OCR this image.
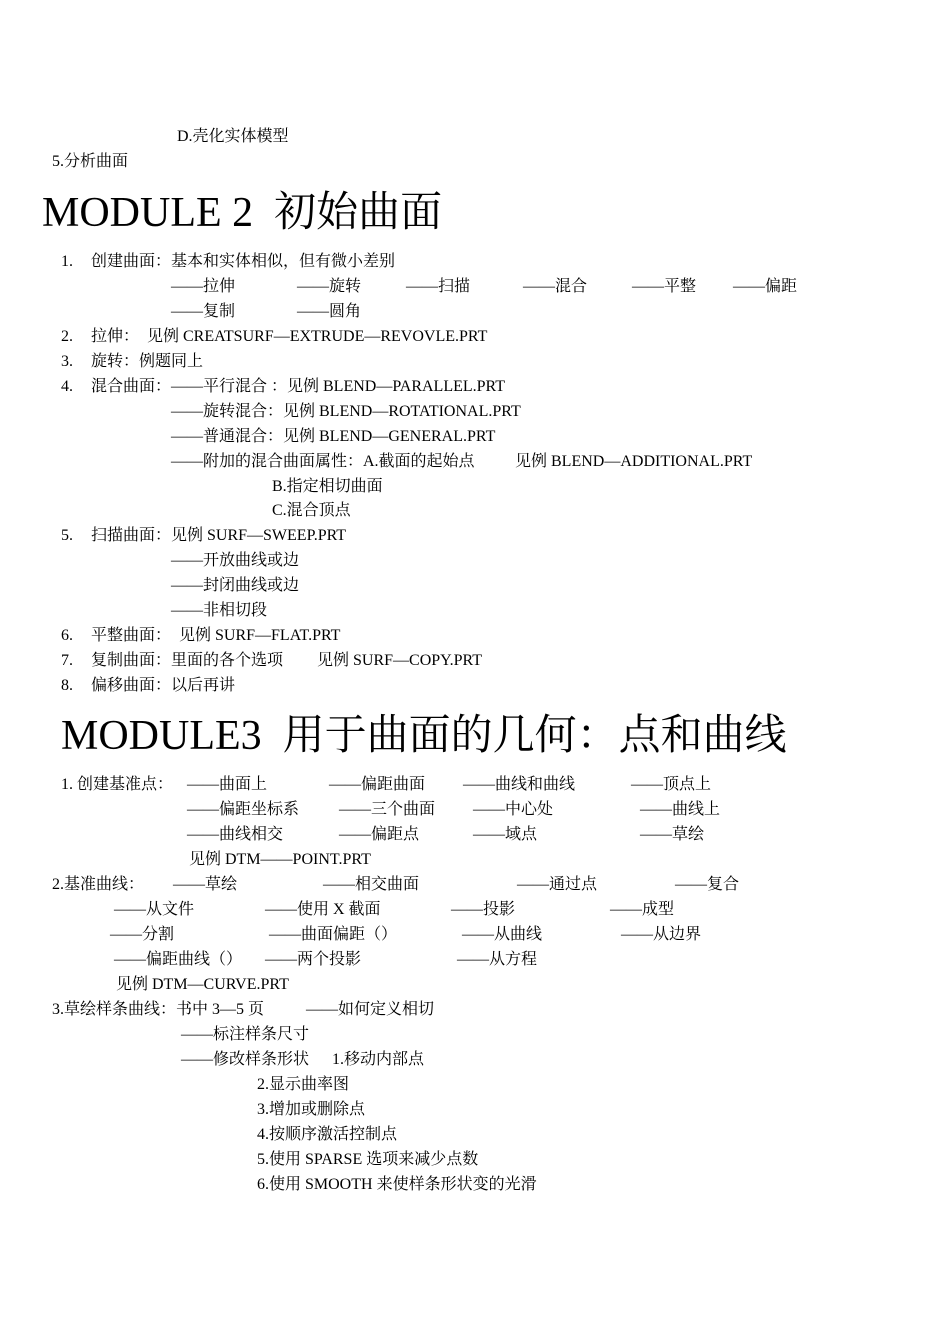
D.壳化实体模型
5.分析曲面
MODULE 2  初始曲面
1. 创建曲面：基本和实体相似，但有微小差别
——拉伸	——旋转	——扫描	——混合	——平整 ——偏距
——复制	——圆角
2. 拉伸：  见例 CREATSURF—EXTRUDE—REVOVLE.PRT
3. 旋转：例题同上
4. 混合曲面：——平行混合 ：见例 BLEND—PARALLEL.PRT
——旋转混合：见例 BLEND—ROTATIONAL.PRT
——普通混合：见例 BLEND—GENERAL.PRT
——附加的混合曲面属性：A.截面的起始点	见例 BLEND—ADDITIONAL.PRT
B.指定相切曲面
C.混合顶点
5. 扫描曲面：见例 SURF—SWEEP.PRT
——开放曲线或边
——封闭曲线或边
——非相切段
6. 平整曲面：  见例 SURF—FLAT.PRT
7. 复制曲面：里面的各个选项 见例 SURF—COPY.PRT
8. 偏移曲面：以后再讲
MODULE3  用于曲面的几何：点和曲线
1. 创建基准点： ——曲面上	——偏距曲面 ——曲线和曲线	——顶点上
——偏距坐标系 ——三个曲面 ——中心处	——曲线上
——曲线相交	——偏距点	——域点	——草绘
见例 DTM——POINT.PRT
2.基准曲线： ——草绘	——相交曲面	——通过点	——复合
——从文件	——使用 X 截面	——投影	——成型
——分割	——曲面偏距（）	——从曲线	——从边界
——偏距曲线（） ——两个投影	——从方程
见例 DTM—CURVE.PRT
3.草绘样条曲线：书中 3—5 页	——如何定义相切
——标注样条尺寸
——修改样条形状 1.移动内部点
2.显示曲率图
3.增加或删除点
4.按顺序激活控制点
5.使用 SPARSE 选项来减少点数
6.使用 SMOOTH 来使样条形状变的光滑
